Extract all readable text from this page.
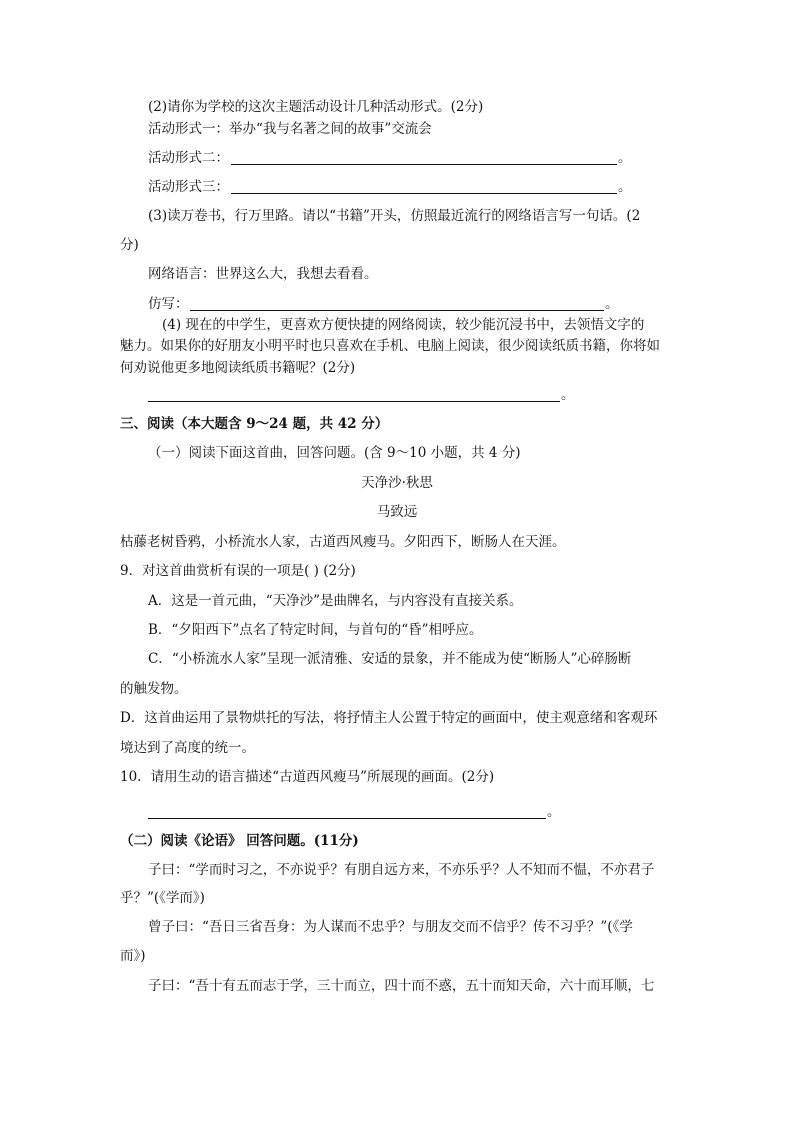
(2)请你为学校的这次主题活动设计几种活动形式。(2分)
活动形式一：举办“我与名著之间的故事”交流会
活动形式二：	。
活动形式三：	。
(3)读万卷书，行万里路。请以“书籍”开头，仿照最近流行的网络语言写一句话。(2
分)
网络语言：世界这么大，我想去看看。
仿写：	。
(4) 现在的中学生，更喜欢方便快捷的网络阅读，较少能沉浸书中，去领悟文字的
魅力。如果你的好朋友小明平时也只喜欢在手机、电脑上阅读，很少阅读纸质书籍，你将如
何劝说他更多地阅读纸质书籍呢？(2分)
。
三、阅读（本大题含 9～24 题，共 42 分）
（一）阅读下面这首曲，回答问题。(含 9～10 小题，共 4 分)
天净沙·秋思
马致远
枯藤老树昏鸦，小桥流水人家，古道西风瘦马。夕阳西下，断肠人在天涯。
9．对这首曲赏析有误的一项是( ) (2分)
A．这是一首元曲，“天净沙”是曲牌名，与内容没有直接关系。
B．“夕阳西下”点名了特定时间，与首句的“昏”相呼应。
C．“小桥流水人家”呈现一派清雅、安适的景象，并不能成为使“断肠人”心碎肠断
的触发物。
D．这首曲运用了景物烘托的写法，将抒情主人公置于特定的画面中，使主观意绪和客观环
境达到了高度的统一。
10．请用生动的语言描述“古道西风瘦马”所展现的画面。(2分)
。
（二）阅读《论语》 回答问题。(11分)
子曰：“学而时习之，不亦说乎？有朋自远方来，不亦乐乎？人不知而不愠，不亦君子
乎？”(《学而》)
曾子曰：“吾日三省吾身：为人谋而不忠乎？与朋友交而不信乎？传不习乎？”(《学
而》)
子曰：“吾十有五而志于学，三十而立，四十而不惑，五十而知天命，六十而耳顺，七
